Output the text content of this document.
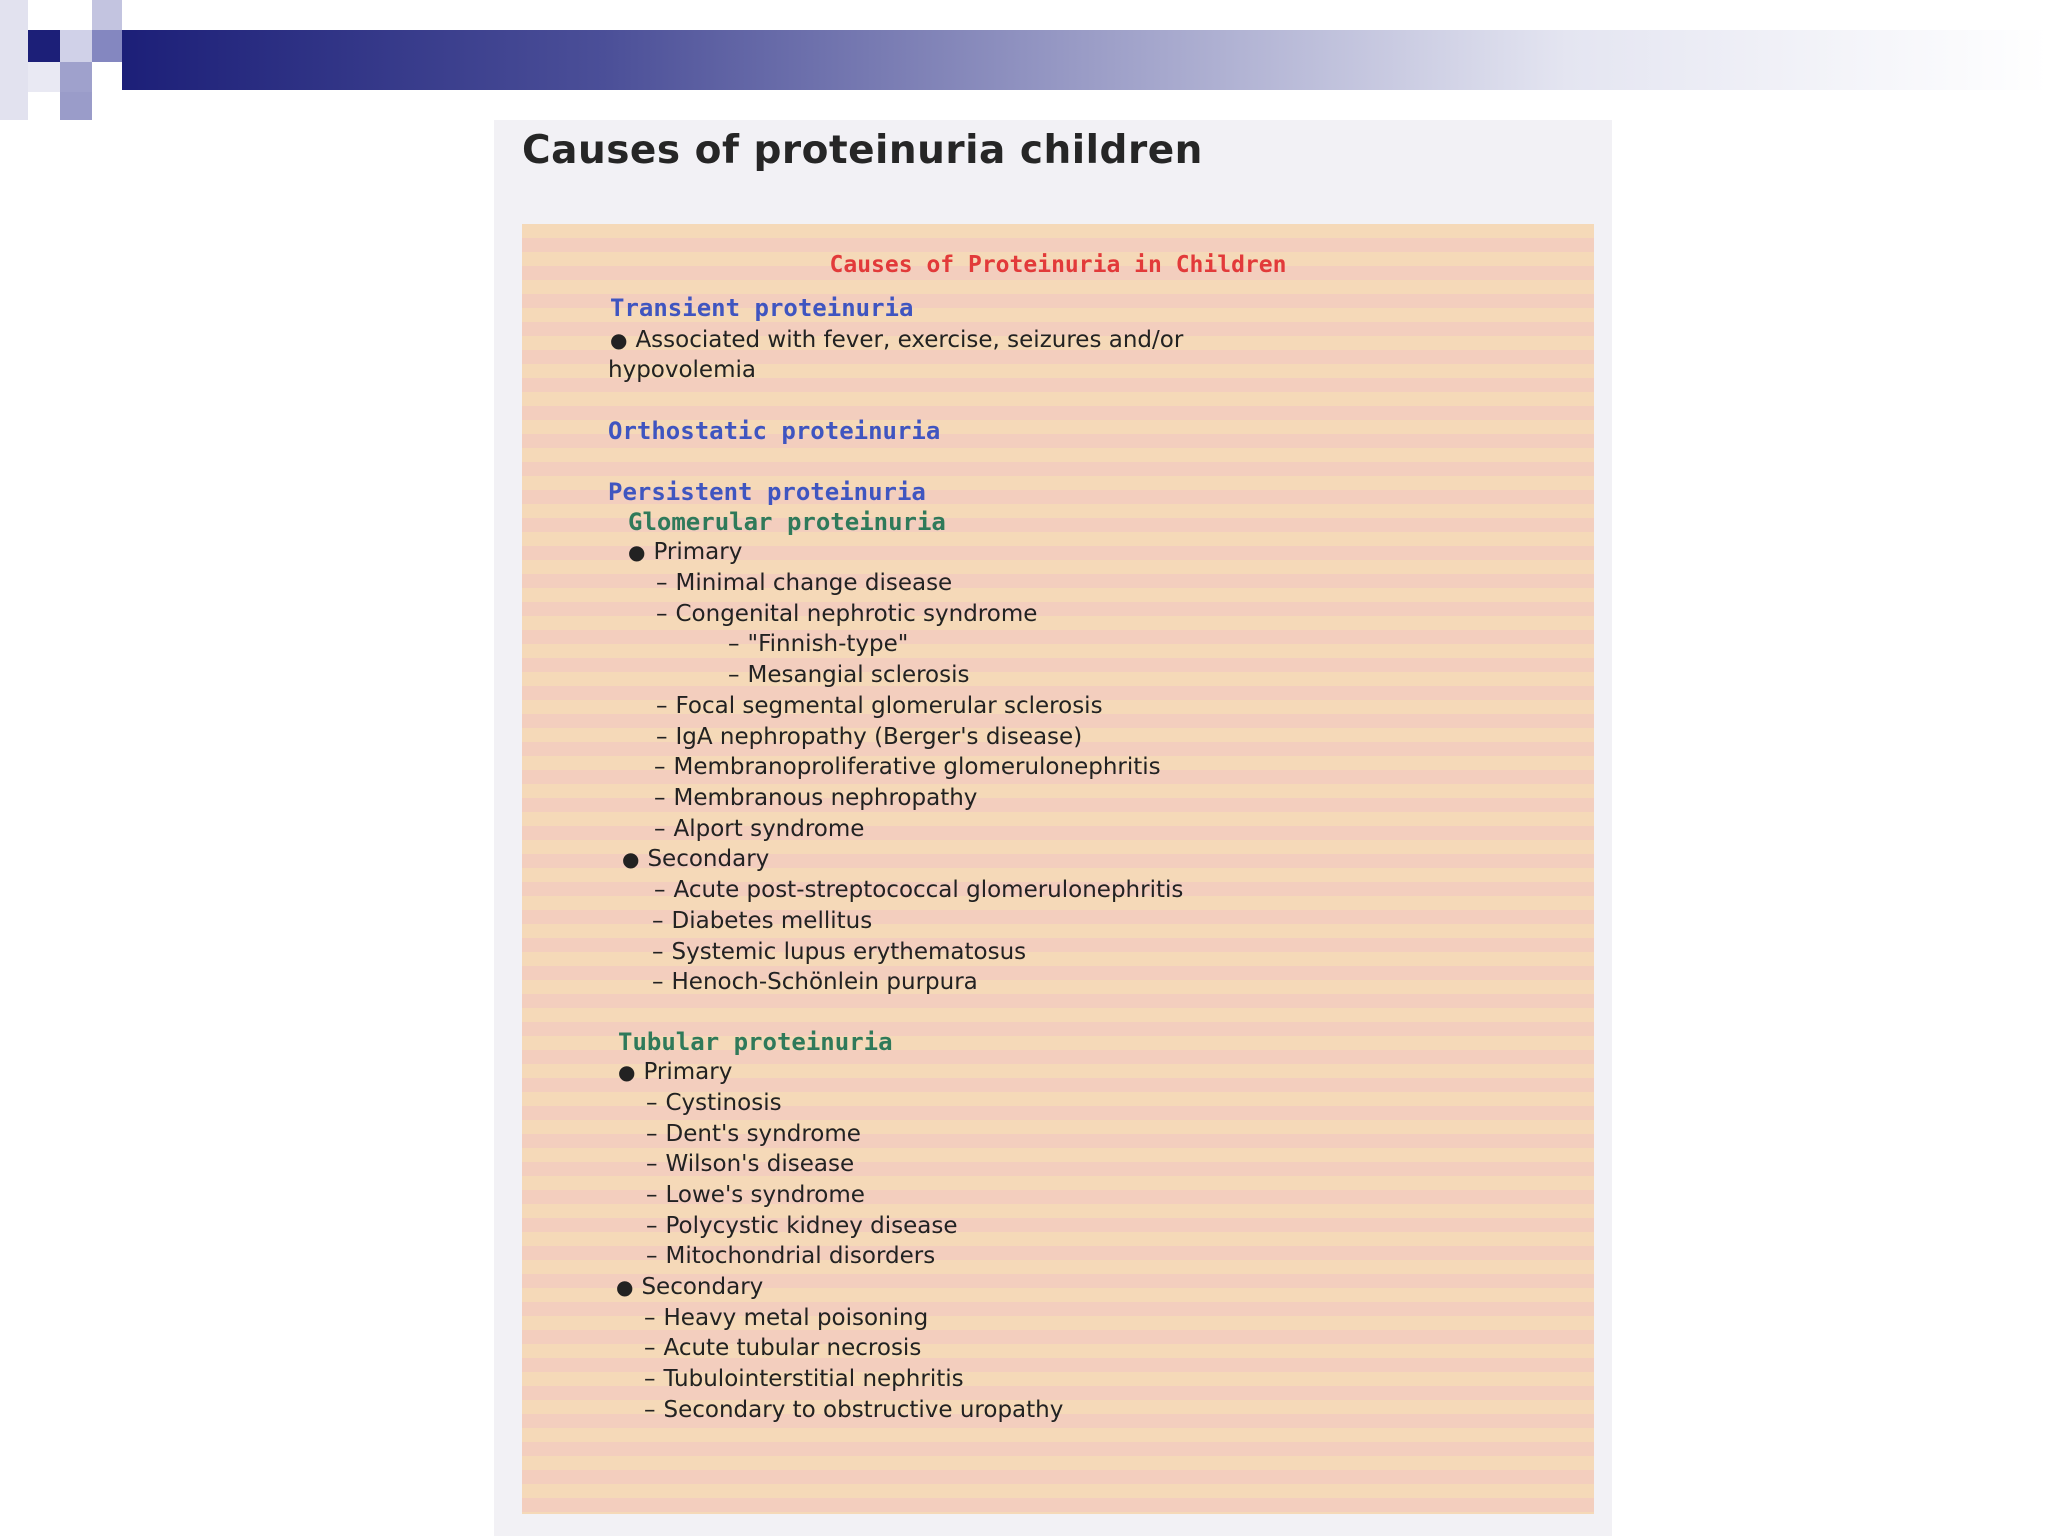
Causes of proteinuria children
Causes of Proteinuria in Children
Transient proteinuria
● Associated with fever, exercise, seizures and/or
hypovolemia
Orthostatic proteinuria
Persistent proteinuria
Glomerular proteinuria
● Primary
– Minimal change disease
– Congenital nephrotic syndrome
– "Finnish-type"
– Mesangial sclerosis
– Focal segmental glomerular sclerosis
– IgA nephropathy (Berger's disease)
– Membranoproliferative glomerulonephritis
– Membranous nephropathy
– Alport syndrome
● Secondary
– Acute post-streptococcal glomerulonephritis
– Diabetes mellitus
– Systemic lupus erythematosus
– Henoch-Schönlein purpura
Tubular proteinuria
● Primary
– Cystinosis
– Dent's syndrome
– Wilson's disease
– Lowe's syndrome
– Polycystic kidney disease
– Mitochondrial disorders
● Secondary
– Heavy metal poisoning
– Acute tubular necrosis
– Tubulointerstitial nephritis
– Secondary to obstructive uropathy
